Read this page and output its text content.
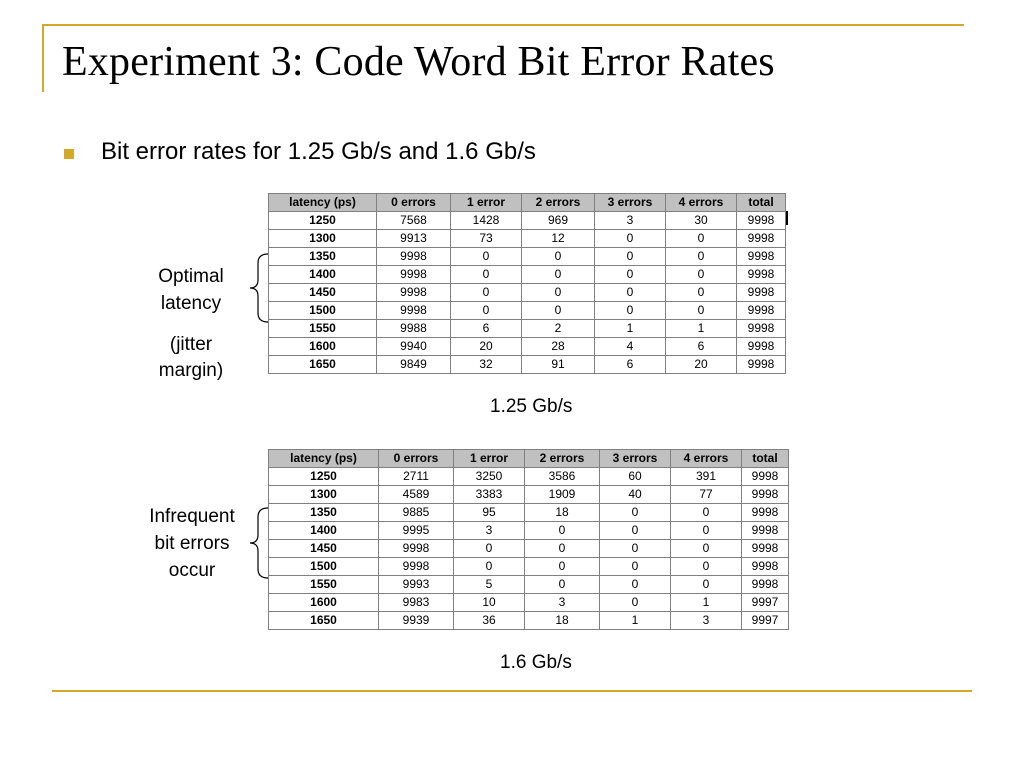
Experiment 3: Code Word Bit Error Rates
Bit error rates for 1.25 Gb/s and 1.6 Gb/s
latency (ps)	0 errors	1 error	2 errors	3 errors	4 errors	total
1250	7568	1428	969	3	30	9998
1300	9913	73	12	0	0	9998
1350	9998	0	0	0	0	9998
1400	9998	0	0	0	0	9998
1450	9998	0	0	0	0	9998
1500	9998	0	0	0	0	9998
1550	9988	6	2	1	1	9998
1600	9940	20	28	4	6	9998
1650	9849	32	91	6	20	9998
1.25 Gb/s
latency (ps)	0 errors	1 error	2 errors	3 errors	4 errors	total
1250	2711	3250	3586	60	391	9998
1300	4589	3383	1909	40	77	9998
1350	9885	95	18	0	0	9998
1400	9995	3	0	0	0	9998
1450	9998	0	0	0	0	9998
1500	9998	0	0	0	0	9998
1550	9993	5	0	0	0	9998
1600	9983	10	3	0	1	9997
1650	9939	36	18	1	3	9997
1.6 Gb/s
Optimal
latency
(jitter
margin)
Infrequent
bit errors
occur
